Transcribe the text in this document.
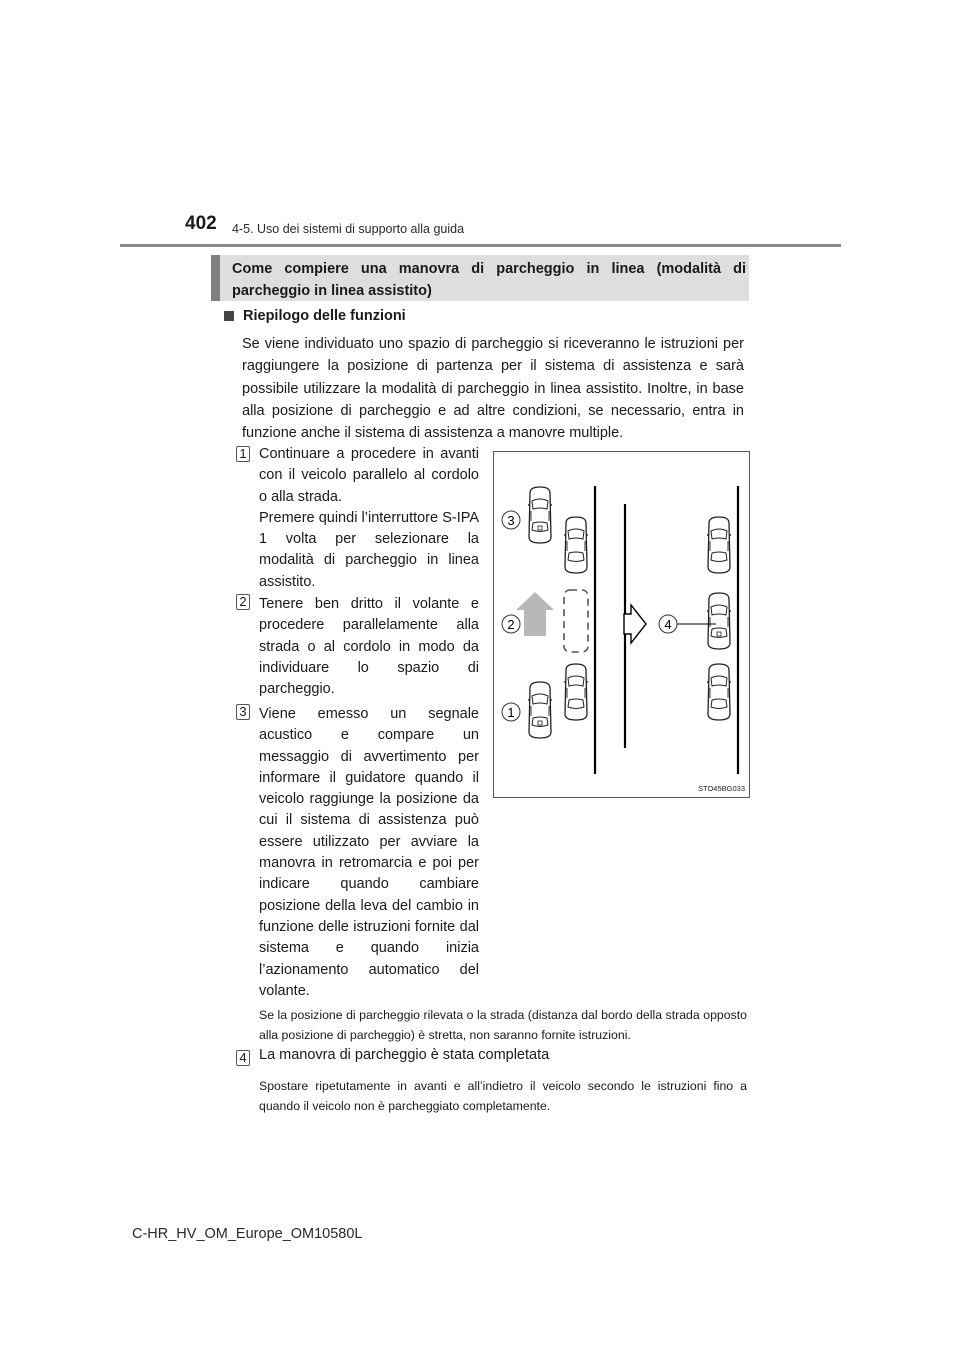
402 4-5. Uso dei sistemi di supporto alla guida
Come compiere una manovra di parcheggio in linea (modalità di parcheggio in linea assistito)
Riepilogo delle funzioni
Se viene individuato uno spazio di parcheggio si riceveranno le istruzioni per raggiungere la posizione di partenza per il sistema di assistenza e sarà possibile utilizzare la modalità di parcheggio in linea assistito. Inoltre, in base alla posizione di parcheggio e ad altre condizioni, se necessario, entra in funzione anche il sistema di assistenza a manovre multiple.
1 Continuare a procedere in avanti con il veicolo parallelo al cordolo o alla strada.
Premere quindi l’interruttore S-IPA 1 volta per selezionare la modalità di parcheggio in linea assistito.
2 Tenere ben dritto il volante e procedere parallelamente alla strada o al cordolo in modo da individuare lo spazio di parcheggio.
3 Viene emesso un segnale acustico e compare un messaggio di avvertimento per informare il guidatore quando il veicolo raggiunge la posizione da cui il sistema di assistenza può essere utilizzato per avviare la manovra in retromarcia e poi per indicare quando cambiare posizione della leva del cambio in funzione delle istruzioni fornite dal sistema e quando inizia l’azionamento automatico del volante.
Se la posizione di parcheggio rilevata o la strada (distanza dal bordo della strada opposto alla posizione di parcheggio) è stretta, non saranno fornite istruzioni.
4 La manovra di parcheggio è stata completata
Spostare ripetutamente in avanti e all’indietro il veicolo secondo le istruzioni fino a quando il veicolo non è parcheggiato completamente.
3
2
1
4
STO45BG033
C-HR_HV_OM_Europe_OM10580L
